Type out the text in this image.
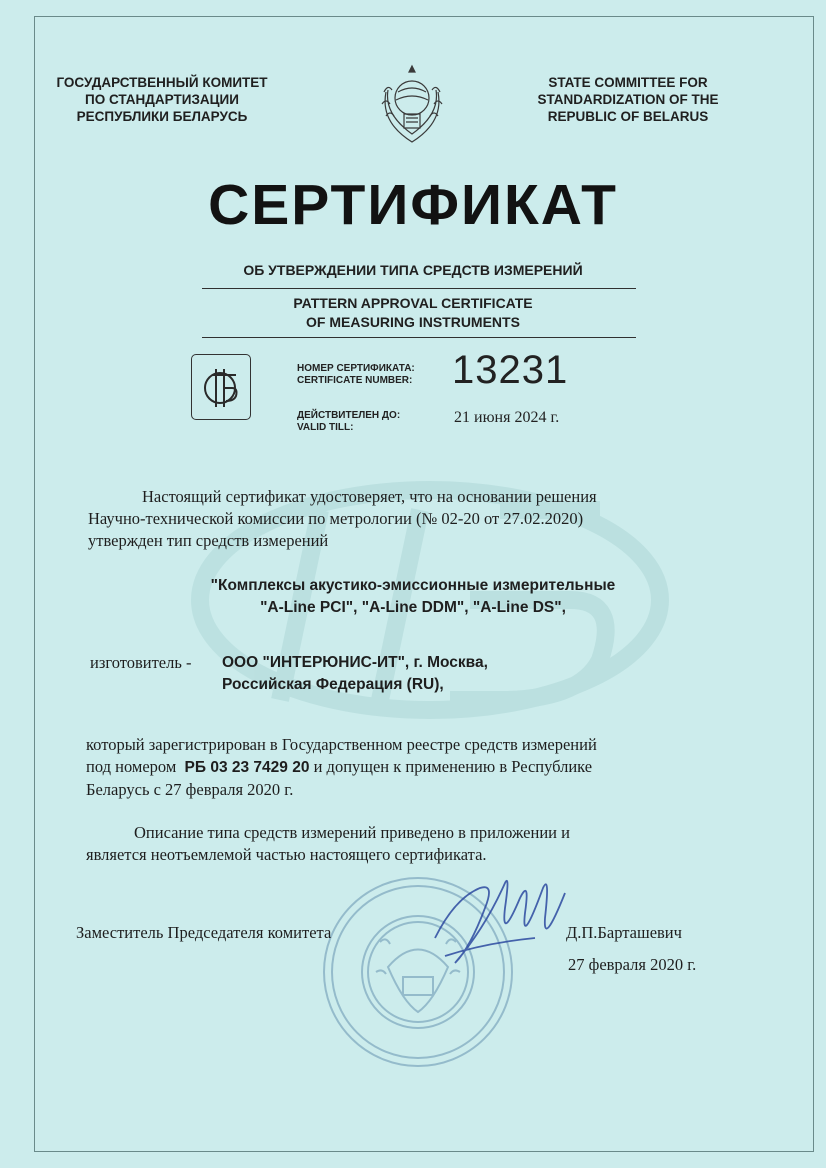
ГОСУДАРСТВЕННЫЙ КОМИТЕТ
ПО СТАНДАРТИЗАЦИИ
РЕСПУБЛИКИ БЕЛАРУСЬ
STATE COMMITTEE FOR
STANDARDIZATION OF THE
REPUBLIC OF BELARUS
СЕРТИФИКАТ
ОБ УТВЕРЖДЕНИИ ТИПА СРЕДСТВ ИЗМЕРЕНИЙ
PATTERN APPROVAL CERTIFICATE
OF MEASURING INSTRUMENTS
НОМЕР СЕРТИФИКАТА:
CERTIFICATE NUMBER: 13231
ДЕЙСТВИТЕЛЕН ДО:
VALID TILL:
21 июня 2024 г.
Настоящий сертификат удостоверяет, что на основании решения
Научно-технической комиссии по метрологии (№ 02-20 от 27.02.2020)
утвержден тип средств измерений
"Комплексы акустико-эмиссионные измерительные
"A-Line PCI", "A-Line DDM", "A-Line DS",
изготовитель - ООО "ИНТЕРЮНИС-ИТ", г. Москва,
Российская Федерация (RU),
который зарегистрирован в Государственном реестре средств измерений
под номером РБ 03 23 7429 20 и допущен к применению в Республике
Беларусь с 27 февраля 2020 г.
Описание типа средств измерений приведено в приложении и
является неотъемлемой частью настоящего сертификата.
Заместитель Председателя комитета	Д.П.Барташевич
27 февраля 2020 г.
